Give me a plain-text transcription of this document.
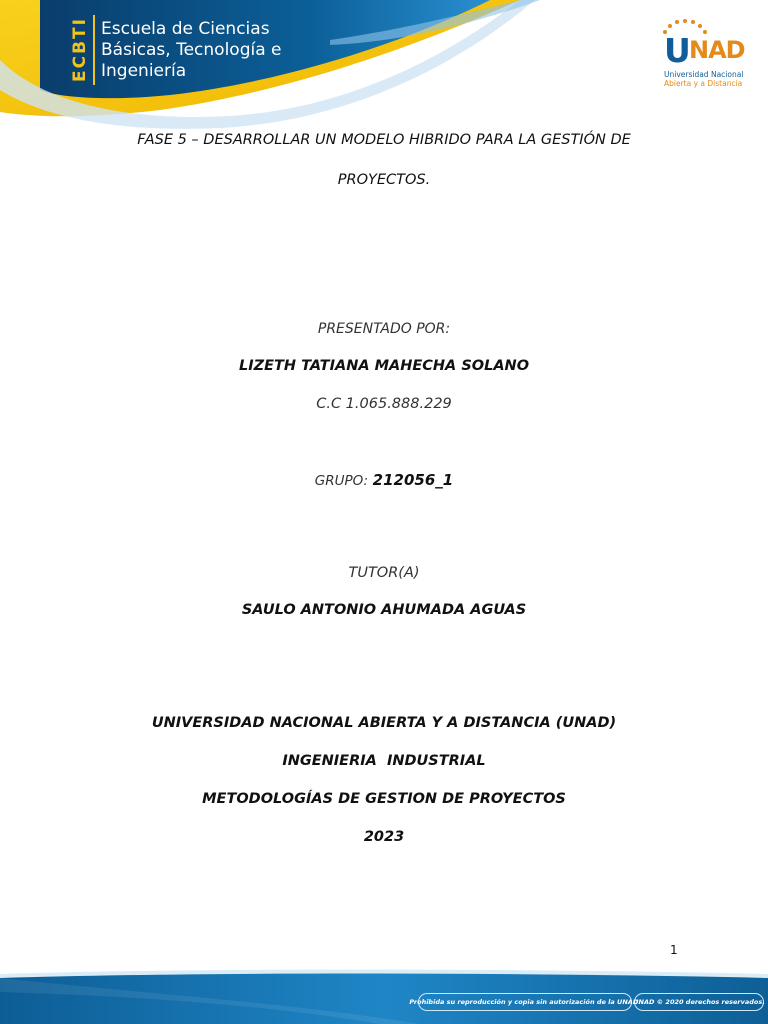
ECBTI Escuela de Ciencias
Básicas, Tecnología e
Ingeniería
U NAD
Universidad Nacional
Abierta y a Distancia
FASE 5 – DESARROLLAR UN MODELO HIBRIDO PARA LA GESTIÓN DE
PROYECTOS.
PRESENTADO POR:
LIZETH TATIANA MAHECHA SOLANO
C.C 1.065.888.229
GRUPO: 212056_1
TUTOR(A)
SAULO ANTONIO AHUMADA AGUAS
UNIVERSIDAD NACIONAL ABIERTA Y A DISTANCIA (UNAD)
INGENIERIA  INDUSTRIAL
METODOLOGÍAS DE GESTION DE PROYECTOS
2023
1
Prohibida su reproducción y copia sin autorización de la UNAD.
UNAD © 2020 derechos reservados.
